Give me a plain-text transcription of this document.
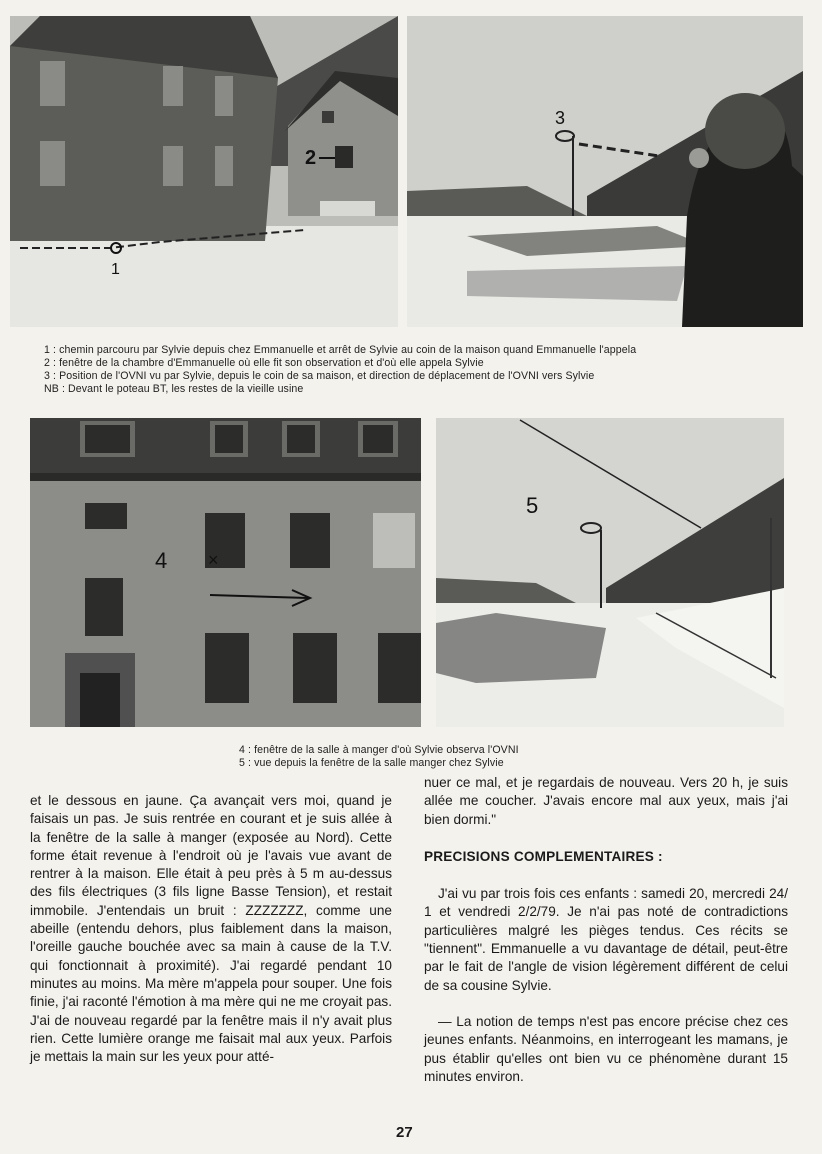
1
2
3
1 : chemin parcouru par Sylvie depuis chez Emmanuelle et arrêt de Sylvie au coin de la maison quand Emmanuelle l'appela
2 : fenêtre de la chambre d'Emmanuelle où elle fit son observation et d'où elle appela Sylvie
3 : Position de l'OVNI vu par Sylvie, depuis le coin de sa maison, et direction de déplacement de l'OVNI vers Sylvie
NB : Devant le poteau BT, les restes de la vieille usine
4 ×
5
4 : fenêtre de la salle à manger d'où Sylvie observa l'OVNI
5 : vue depuis la fenêtre de la salle manger chez Sylvie

et le dessous en jaune. Ça avançait vers moi, quand je faisais un pas. Je suis rentrée en courant et je suis allée à la fenêtre de la salle à manger (exposée au Nord). Cette forme était revenue à l'endroit où je l'avais vue avant de rentrer à la maison. Elle était à peu près à 5 m au-dessus des fils électriques (3 fils ligne Basse Tension), et restait immobile. J'entendais un bruit : ZZZZZZZ, comme une abeille (entendu dehors, plus faiblement dans la maison, l'oreille gauche bouchée avec sa main à cause de la T.V. qui fonctionnait à proximité). J'ai regardé pendant 10 minutes au moins. Ma mère m'appela pour souper. Une fois finie, j'ai raconté l'émotion à ma mère qui ne me croyait pas. J'ai de nouveau regardé par la fenêtre mais il n'y avait plus rien. Cette lumière orange me faisait mal aux yeux. Parfois je mettais la main sur les yeux pour atté-

nuer ce mal, et je regardais de nouveau. Vers 20 h, je suis allée me coucher. J'avais encore mal aux yeux, mais j'ai bien dormi."

PRECISIONS COMPLEMENTAIRES :

J'ai vu par trois fois ces enfants : samedi 20, mercredi 24/ 1 et vendredi 2/2/79. Je n'ai pas noté de contradictions particulières malgré les pièges tendus. Ces récits se "tiennent". Emmanuelle a vu davantage de détail, peut-être par le fait de l'angle de vision légèrement différent de celui de sa cousine Sylvie.

— La notion de temps n'est pas encore précise chez ces jeunes enfants. Néanmoins, en interrogeant les mamans, je pus établir qu'elles ont bien vu ce phénomène durant 15 minutes environ.

27
